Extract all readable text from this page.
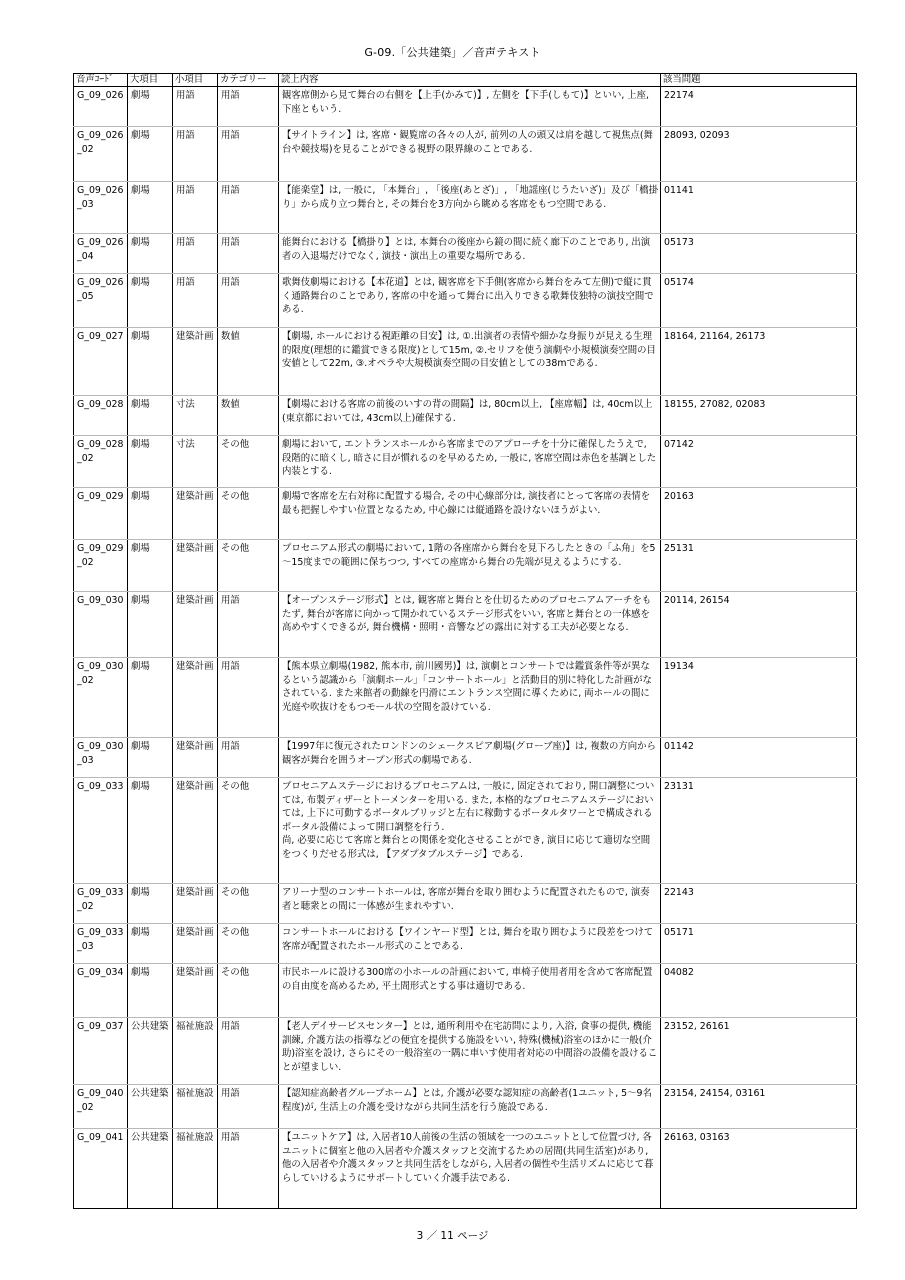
G-09.「公共建築」／音声テキスト
音声ｺｰﾄﾞ	大項目	小項目	カテゴリー	読上内容	該当問題
G_09_026	劇場	用語	用語	観客席側から見て舞台の右側を【上手(かみて)】, 左側を【下手(しもて)】といい, 上座, 下座ともいう.	22174
G_09_026_02	劇場	用語	用語	【サイトライン】は, 客席・観覧席の各々の人が, 前列の人の頭又は肩を越して視焦点(舞台や競技場)を見ることができる視野の限界線のことである.	28093, 02093
G_09_026_03	劇場	用語	用語	【能楽堂】は, 一般に, 「本舞台」, 「後座(あとざ)」, 「地謡座(じうたいざ)」及び「橋掛り」から成り立つ舞台と, その舞台を3方向から眺める客席をもつ空間である.	01141
G_09_026_04	劇場	用語	用語	能舞台における【橋掛り】とは, 本舞台の後座から鏡の間に続く廊下のことであり, 出演者の入退場だけでなく, 演技・演出上の重要な場所である.	05173
G_09_026_05	劇場	用語	用語	歌舞伎劇場における【本花道】とは, 観客席を下手側(客席から舞台をみて左側)で縦に貫く通路舞台のことであり, 客席の中を通って舞台に出入りできる歌舞伎独特の演技空間である.	05174
G_09_027	劇場	建築計画	数値	【劇場, ホールにおける視距離の目安】は, ①.出演者の表情や細かな身振りが見える生理的限度(理想的に鑑賞できる限度)として15m, ②.セリフを使う演劇や小規模演奏空間の目安値として22m, ③.オペラや大規模演奏空間の目安値としての38mである.	18164, 21164, 26173
G_09_028	劇場	寸法	数値	【劇場における客席の前後のいすの背の間隔】は, 80cm以上, 【座席幅】は, 40cm以上(東京都においては, 43cm以上)確保する.	18155, 27082, 02083
G_09_028_02	劇場	寸法	その他	劇場において, エントランスホールから客席までのアプローチを十分に確保したうえで, 段階的に暗くし, 暗さに目が慣れるのを早めるため, 一般に, 客席空間は赤色を基調とした内装とする.	07142
G_09_029	劇場	建築計画	その他	劇場で客席を左右対称に配置する場合, その中心線部分は, 演技者にとって客席の表情を最も把握しやすい位置となるため, 中心線には縦通路を設けないほうがよい.	20163
G_09_029_02	劇場	建築計画	その他	プロセニアム形式の劇場において, 1階の各座席から舞台を見下ろしたときの「ふ角」を5～15度までの範囲に保ちつつ, すべての座席から舞台の先端が見えるようにする.	25131
G_09_030	劇場	建築計画	用語	【オープンステージ形式】とは, 観客席と舞台とを仕切るためのプロセニアムアーチをもたず, 舞台が客席に向かって開かれているステージ形式をいい, 客席と舞台との一体感を高めやすくできるが, 舞台機構・照明・音響などの露出に対する工夫が必要となる.	20114, 26154
G_09_030_02	劇場	建築計画	用語	【熊本県立劇場(1982, 熊本市, 前川國男)】は, 演劇とコンサートでは鑑賞条件等が異なるという認識から「演劇ホール」「コンサートホール」と活動目的別に特化した計画がなされている. また来館者の動線を円滑にエントランス空間に導くために, 両ホールの間に光庭や吹抜けをもつモール状の空間を設けている.	19134
G_09_030_03	劇場	建築計画	用語	【1997年に復元されたロンドンのシェークスピア劇場(グローブ座)】は, 複数の方向から観客が舞台を囲うオープン形式の劇場である.	01142
G_09_033	劇場	建築計画	その他	プロセニアムステージにおけるプロセニアムは, 一般に, 固定されており, 開口調整については, 布製ディザーとトーメンターを用いる. また, 本格的なプロセニアムステージにおいては, 上下に可動するポータルブリッジと左右に稼動するポータルタワーとで構成されるポータル設備によって開口調整を行う.
尚, 必要に応じて客席と舞台との関係を変化させることができ, 演目に応じて適切な空間をつくりだせる形式は, 【アダプタブルステージ】である.	23131
G_09_033_02	劇場	建築計画	その他	アリーナ型のコンサートホールは, 客席が舞台を取り囲むように配置されたもので, 演奏者と聴衆との間に一体感が生まれやすい.	22143
G_09_033_03	劇場	建築計画	その他	コンサートホールにおける【ワインヤード型】とは, 舞台を取り囲むように段差をつけて客席が配置されたホール形式のことである.	05171
G_09_034	劇場	建築計画	その他	市民ホールに設ける300席の小ホールの計画において, 車椅子使用者用を含めて客席配置の自由度を高めるため, 平土間形式とする事は適切である.	04082
G_09_037	公共建築	福祉施設	用語	【老人デイサービスセンター】とは, 通所利用や在宅訪問により, 入浴, 食事の提供, 機能訓練, 介護方法の指導などの便宜を提供する施設をいい, 特殊(機械)浴室のほかに一般(介助)浴室を設け, さらにその一般浴室の一隅に車いす使用者対応の中間浴の設備を設けることが望ましい.	23152, 26161
G_09_040_02	公共建築	福祉施設	用語	【認知症高齢者グループホーム】とは, 介護が必要な認知症の高齢者(1ユニット, 5～9名程度)が, 生活上の介護を受けながら共同生活を行う施設である.	23154, 24154, 03161
G_09_041	公共建築	福祉施設	用語	【ユニットケア】は, 入居者10人前後の生活の領域を一つのユニットとして位置づけ, 各ユニットに個室と他の入居者や介護スタッフと交流するための居間(共同生活室)があり, 他の入居者や介護スタッフと共同生活をしながら, 入居者の個性や生活リズムに応じて暮らしていけるようにサポートしていく介護手法である.	26163, 03163
3 ／ 11 ページ
